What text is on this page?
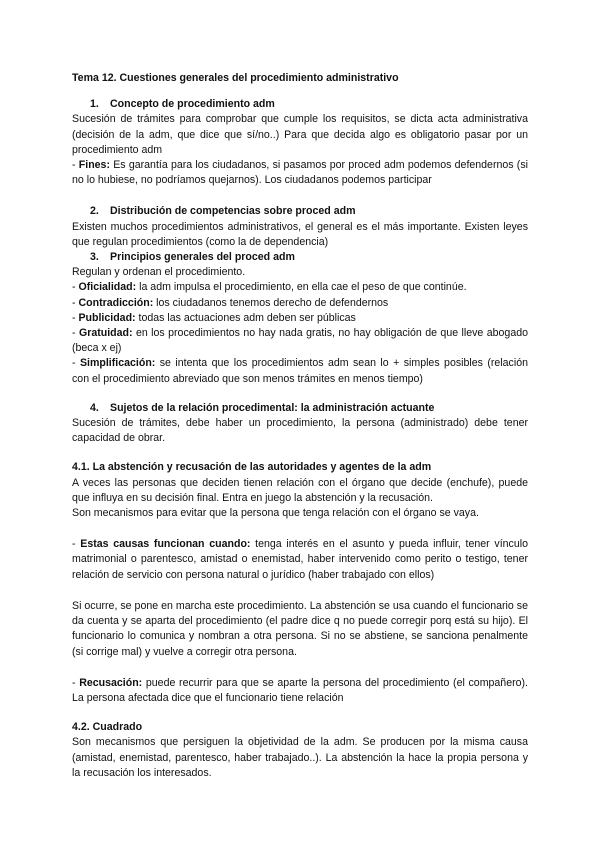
Tema 12. Cuestiones generales del procedimiento administrativo

1. Concepto de procedimiento adm

Sucesión de trámites para comprobar que cumple los requisitos, se dicta acta administrativa (decisión de la adm, que dice que sí/no..) Para que decida algo es obligatorio pasar por un procedimiento adm

- Fines: Es garantía para los ciudadanos, si pasamos por proced adm podemos defendernos (si no lo hubiese, no podríamos quejarnos). Los ciudadanos podemos participar

2. Distribución de competencias sobre proced adm

Existen muchos procedimientos administrativos, el general es el más importante. Existen leyes que regulan procedimientos (como la de dependencia)

3. Principios generales del proced adm

Regulan y ordenan el procedimiento.

- Oficialidad: la adm impulsa el procedimiento, en ella cae el peso de que continúe.

- Contradicción: los ciudadanos tenemos derecho de defendernos

- Publicidad: todas las actuaciones adm deben ser públicas

- Gratuidad: en los procedimientos no hay nada gratis, no hay obligación de que lleve abogado (beca x ej)

- Simplificación: se intenta que los procedimientos adm sean lo + simples posibles (relación con el procedimiento abreviado que son menos trámites en menos tiempo)

4. Sujetos de la relación procedimental: la administración actuante

Sucesión de trámites, debe haber un procedimiento, la persona (administrado) debe tener capacidad de obrar.

4.1. La abstención y recusación de las autoridades y agentes de la adm

A veces las personas que deciden tienen relación con el órgano que decide (enchufe), puede que influya en su decisión final. Entra en juego la abstención y la recusación.

Son mecanismos para evitar que la persona que tenga relación con el órgano se vaya.

- Estas causas funcionan cuando: tenga interés en el asunto y pueda influir, tener vínculo matrimonial o parentesco, amistad o enemistad, haber intervenido como perito o testigo, tener relación de servicio con persona natural o jurídico (haber trabajado con ellos)

Si ocurre, se pone en marcha este procedimiento. La abstención se usa cuando el funcionario se da cuenta y se aparta del procedimiento (el padre dice q no puede corregir porq está su hijo). El funcionario lo comunica y nombran a otra persona. Si no se abstiene, se sanciona penalmente (si corrige mal) y vuelve a corregir otra persona.

- Recusación: puede recurrir para que se aparte la persona del procedimiento (el compañero). La persona afectada dice que el funcionario tiene relación

4.2. Cuadrado

Son mecanismos que persiguen la objetividad de la adm. Se producen por la misma causa (amistad, enemistad, parentesco, haber trabajado..). La abstención la hace la propia persona y la recusación los interesados.
